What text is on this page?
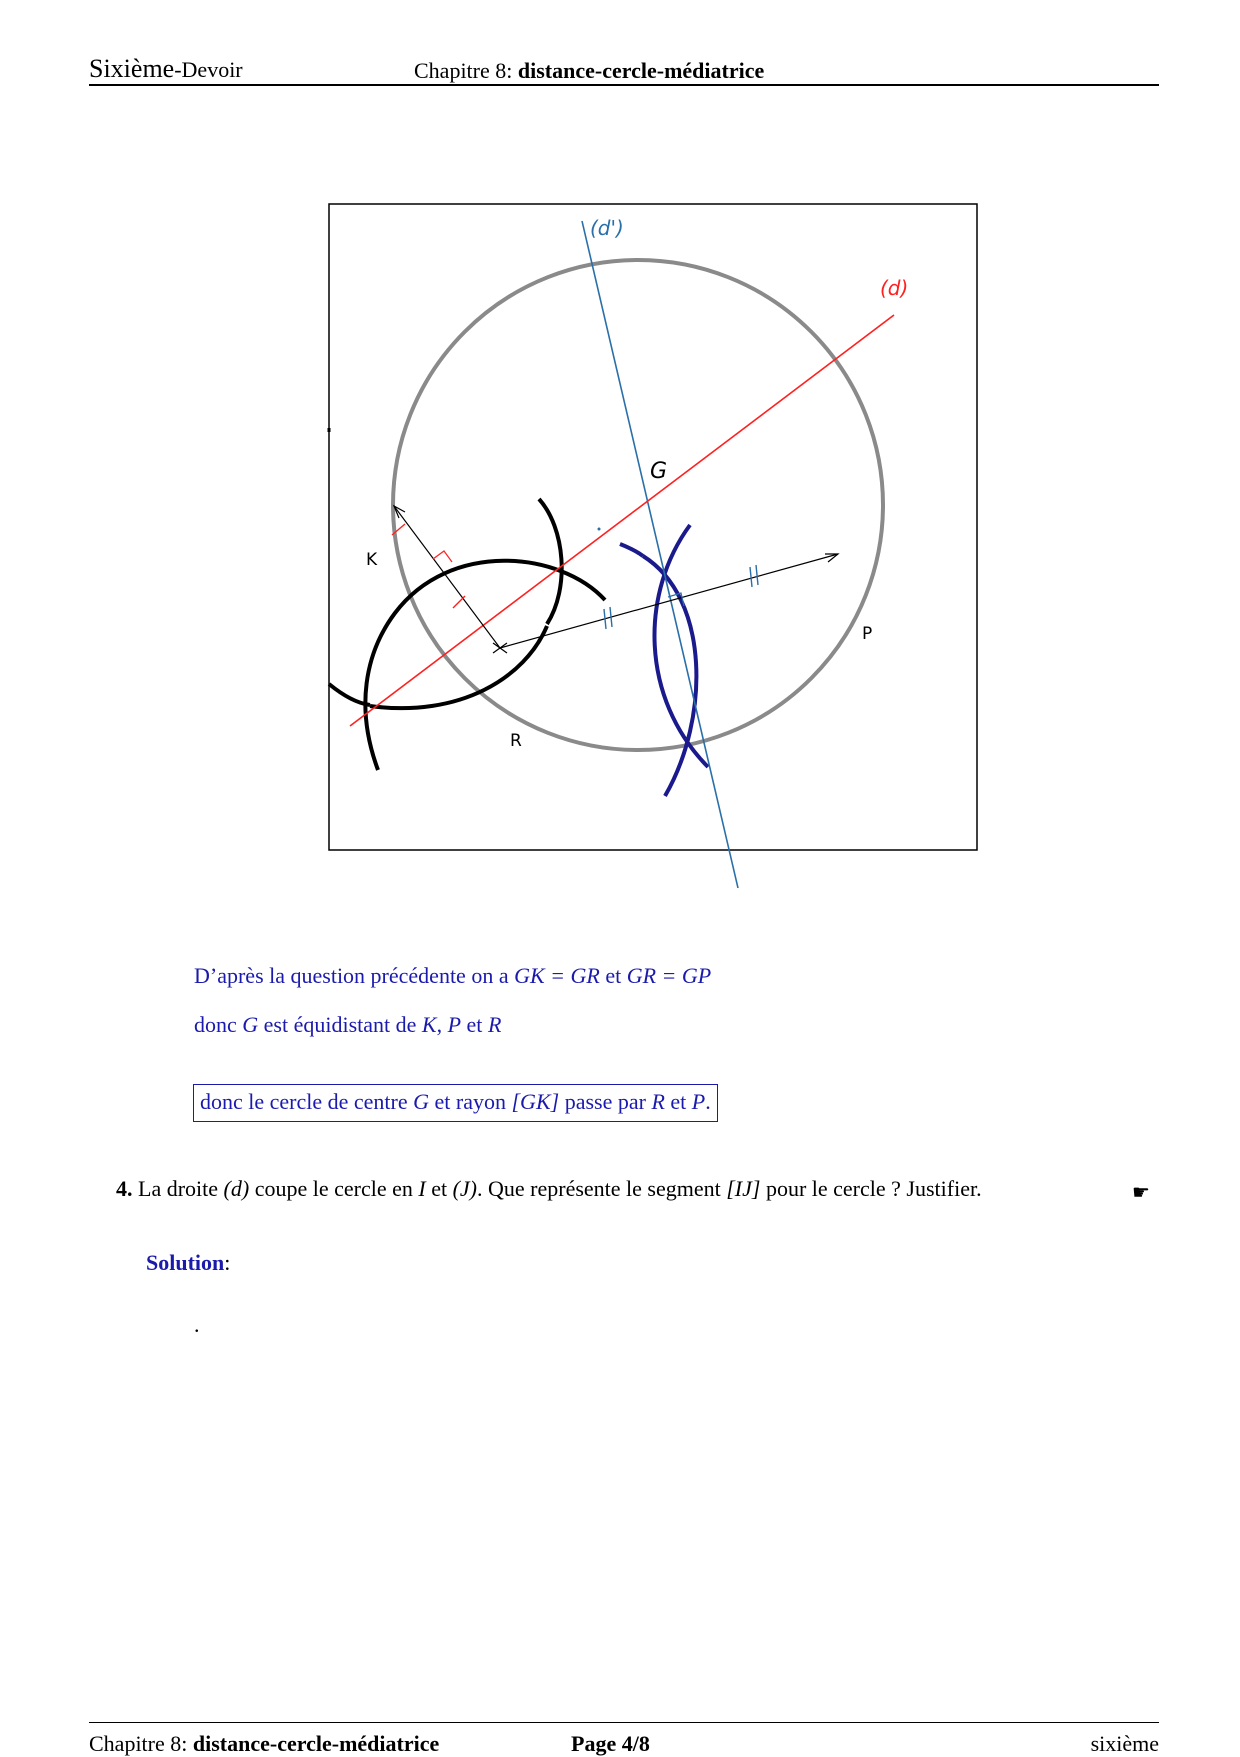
Sixième-Devoir	Chapitre 8: distance-cercle-médiatrice
(d')
(d)
G
K
P
R
D’après la question précédente on a GK = GR et GR = GP
donc G est équidistant de K, P et R
donc le cercle de centre G et rayon [GK] passe par R et P.
4. La droite (d) coupe le cercle en I et (J). Que représente le segment [IJ] pour le cercle ? Justifier.	☛
Solution:
.
Chapitre 8: distance-cercle-médiatrice	Page 4/8	sixième
